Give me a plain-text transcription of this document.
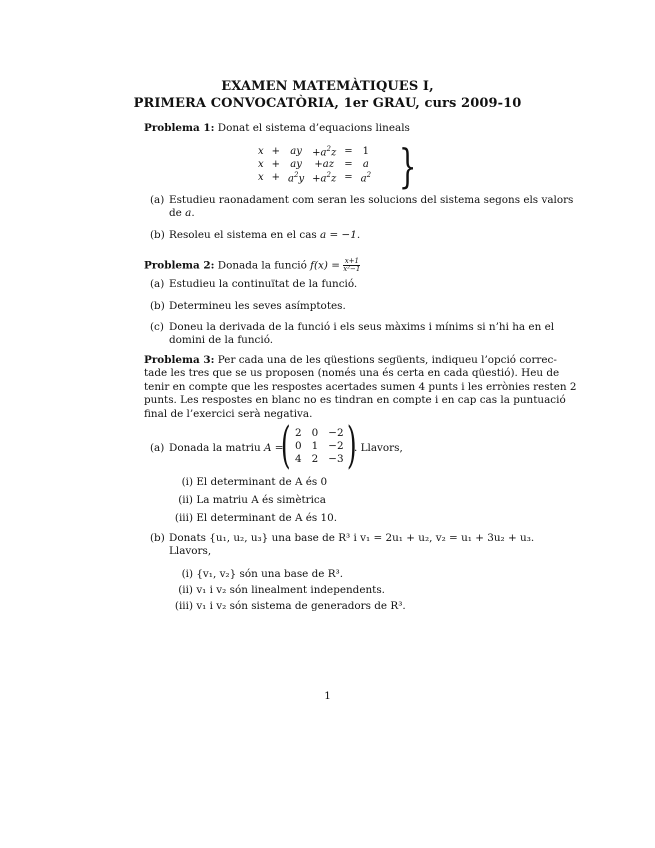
EXAMEN MATEMÀTIQUES I,
PRIMERA CONVOCATÒRIA, 1er GRAU, curs 2009-10
Problema 1: Donat el sistema d’equacions lineals
x	+	ay	$+a^2z$	=	1
x	+	ay	+az	=	a
x	+	$a^2y$	$+a^2z$	=	$a^2$ }
(a) Estudieu raonadament com seran les solucions del sistema segons els valors
de a.
(b) Resoleu el sistema en el cas a = −1.
Problema 2: Donada la funció $f(x) = \frac{x+1}{\text{x²−1}}$
(a) Estudieu la continuïtat de la funció.
(b) Determineu les seves asímptotes.
(c) Doneu la derivada de la funció i els seus màxims i mínims si n’hi ha en el
domini de la funció.
Problema 3: Per cada una de les qüestions següents, indiqueu l’opció correc-
tade les tres que se us proposen (només una és certa en cada qüestió). Heu de
tenir en compte que les respostes acertades sumen 4 punts i les errònies resten 2
punts. Les respostes en blanc no es tindran en compte i en cap cas la puntuació
final de l’exercici serà negativa.
(a) Donada la matriu A =
( 2	0	−2
0	1	−2
4	2	−3 )
. Llavors,
(i) El determinant de A és 0
(ii) La matriu A és simètrica
(iii) El determinant de A és 10.
(b) Donats {u₁, u₂, u₃} una base de R³ i v₁ = 2u₁ + u₂, v₂ = u₁ + 3u₂ + u₃.
Llavors,
(i) {v₁, v₂} són una base de R³.
(ii) v₁ i v₂ són linealment independents.
(iii) v₁ i v₂ són sistema de generadors de R³.
1
